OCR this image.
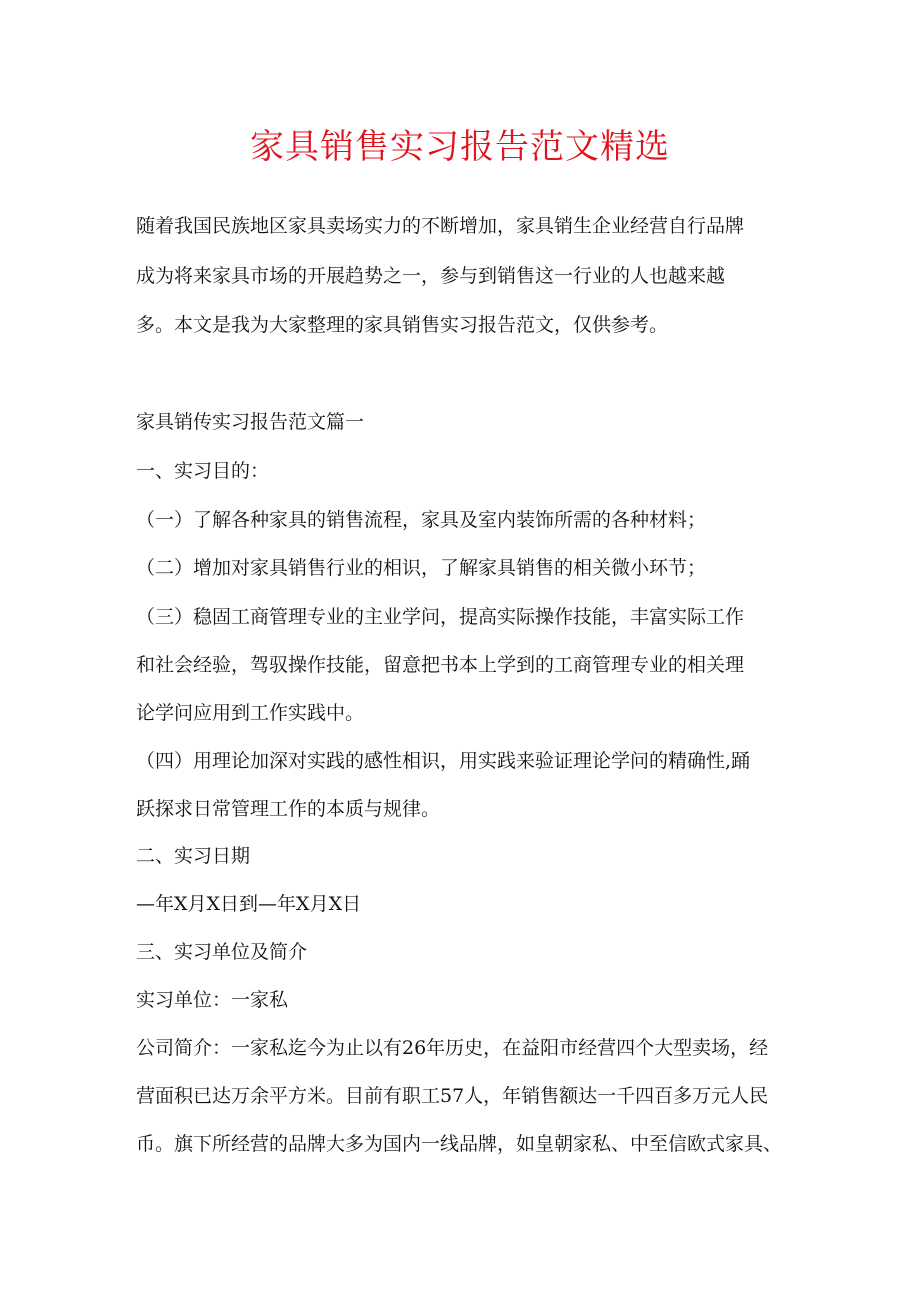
家具销售实习报告范文精选

随着我国民族地区家具卖场实力的不断增加，家具销生企业经营自行品牌

成为将来家具市场的开展趋势之一，参与到销售这一行业的人也越来越

多。本文是我为大家整理的家具销售实习报告范文，仅供参考。

家具销传实习报告范文篇一

一、实习目的：

（一）了解各种家具的销售流程，家具及室内装饰所需的各种材料；

（二）增加对家具销售行业的相识，了解家具销售的相关微小环节；

（三）稳固工商管理专业的主业学问，提高实际操作技能，丰富实际工作

和社会经验，驾驭操作技能，留意把书本上学到的工商管理专业的相关理

论学问应用到工作实践中。

（四）用理论加深对实践的感性相识，用实践来验证理论学问的精确性,踊

跃探求日常管理工作的本质与规律。

二、实习日期

—年X月X日到—年X月X日

三、实习单位及简介

实习单位：一家私

公司简介：一家私迄今为止以有26年历史，在益阳市经营四个大型卖场，经

营面积已达万余平方米。目前有职工57人，年销售额达一千四百多万元人民

币。旗下所经营的品牌大多为国内一线品牌，如皇朝家私、中至信欧式家具、
